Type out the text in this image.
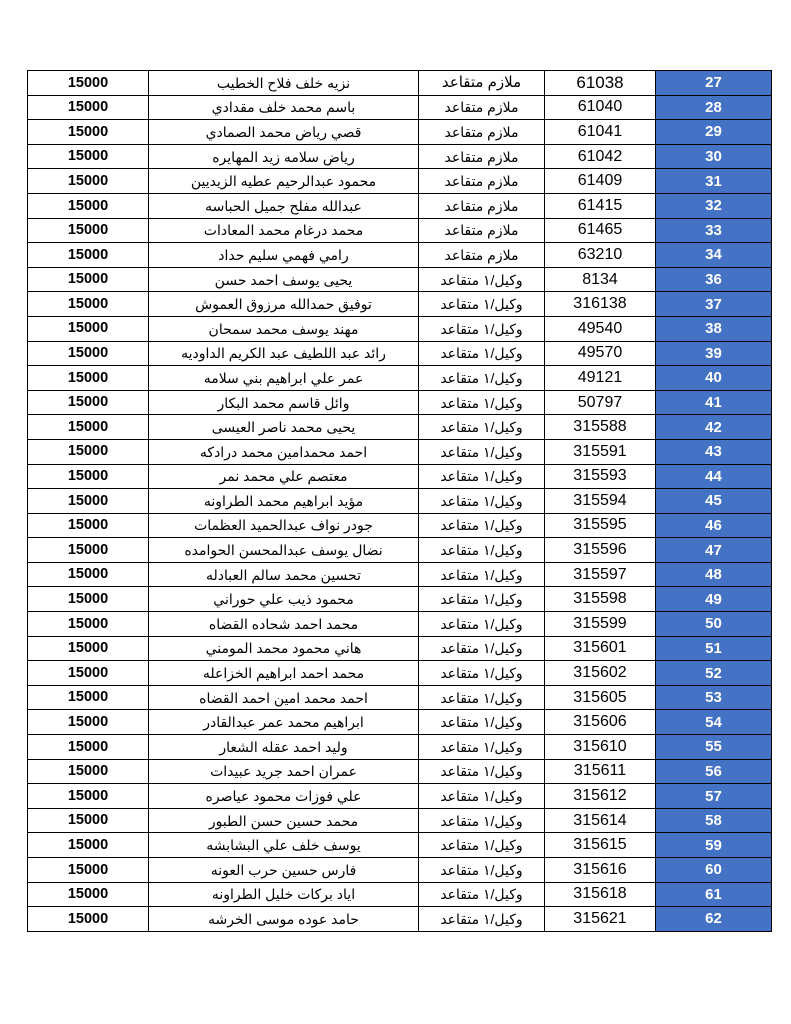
15000	نزيه خلف فلاح الخطيب	ملازم متقاعد	61038	27
15000	باسم محمد خلف مقدادي	ملازم متقاعد	61040	28
15000	قصي رياض محمد الصمادي	ملازم متقاعد	61041	29
15000	رياض سلامه زيد المهايره	ملازم متقاعد	61042	30
15000	محمود عبدالرحيم عطيه الزيديين	ملازم متقاعد	61409	31
15000	عبدالله مفلح جميل الحباسه	ملازم متقاعد	61415	32
15000	محمد درغام محمد المعادات	ملازم متقاعد	61465	33
15000	رامي فهمي سليم حداد	ملازم متقاعد	63210	34
15000	يحيى يوسف احمد حسن	وكيل/١ متقاعد	8134	36
15000	توفيق حمدالله مرزوق العموش	وكيل/١ متقاعد	316138	37
15000	مهند يوسف محمد سمحان	وكيل/١ متقاعد	49540	38
15000	رائد عبد اللطيف عبد الكريم الداوديه	وكيل/١ متقاعد	49570	39
15000	عمر علي ابراهيم بني سلامه	وكيل/١ متقاعد	49121	40
15000	وائل قاسم محمد البكار	وكيل/١ متقاعد	50797	41
15000	يحيى محمد ناصر العيسى	وكيل/١ متقاعد	315588	42
15000	احمد محمدامين محمد درادكه	وكيل/١ متقاعد	315591	43
15000	معتصم علي محمد نمر	وكيل/١ متقاعد	315593	44
15000	مؤيد ابراهيم محمد الطراونه	وكيل/١ متقاعد	315594	45
15000	جودر نواف عبدالحميد العظمات	وكيل/١ متقاعد	315595	46
15000	نضال يوسف عبدالمحسن الحوامده	وكيل/١ متقاعد	315596	47
15000	تحسين محمد سالم العبادله	وكيل/١ متقاعد	315597	48
15000	محمود ذيب علي حوراني	وكيل/١ متقاعد	315598	49
15000	محمد احمد شحاده القضاه	وكيل/١ متقاعد	315599	50
15000	هاني محمود محمد المومني	وكيل/١ متقاعد	315601	51
15000	محمد احمد ابراهيم الخزاعله	وكيل/١ متقاعد	315602	52
15000	احمد محمد امين احمد القضاه	وكيل/١ متقاعد	315605	53
15000	ابراهيم محمد عمر عبدالقادر	وكيل/١ متقاعد	315606	54
15000	وليد احمد عقله الشعار	وكيل/١ متقاعد	315610	55
15000	عمران احمد جريد عبيدات	وكيل/١ متقاعد	315611	56
15000	علي فوزات محمود عياصره	وكيل/١ متقاعد	315612	57
15000	محمد حسين حسن الطبور	وكيل/١ متقاعد	315614	58
15000	يوسف خلف علي البشابشه	وكيل/١ متقاعد	315615	59
15000	فارس حسين حرب العونه	وكيل/١ متقاعد	315616	60
15000	اياد بركات خليل الطراونه	وكيل/١ متقاعد	315618	61
15000	حامد عوده موسى الخرشه	وكيل/١ متقاعد	315621	62
